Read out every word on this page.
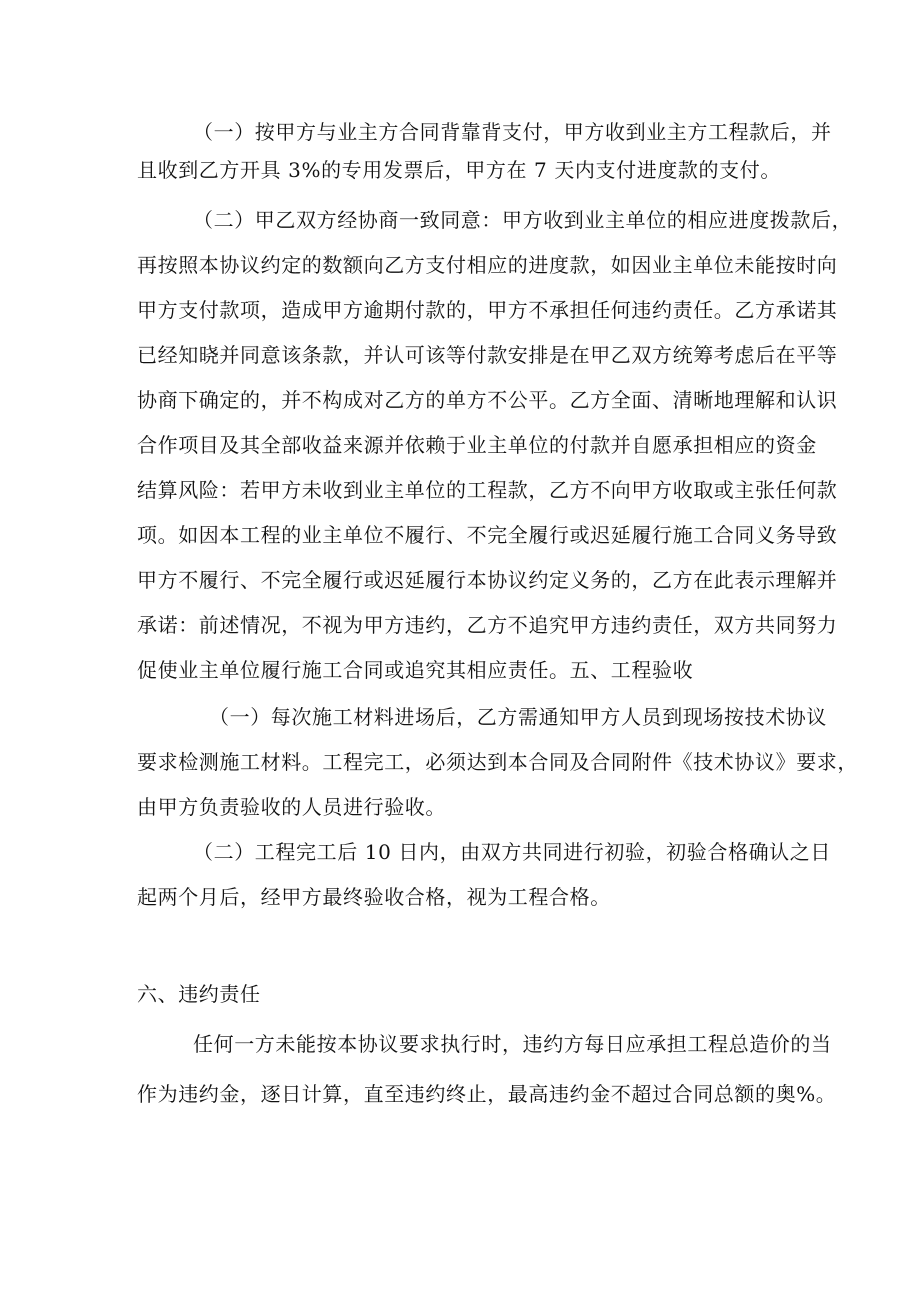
（一）按甲方与业主方合同背靠背支付，甲方收到业主方工程款后，并
且收到乙方开具 3%的专用发票后，甲方在 7 天内支付进度款的支付。
（二）甲乙双方经协商一致同意：甲方收到业主单位的相应进度拨款后，
再按照本协议约定的数额向乙方支付相应的进度款，如因业主单位未能按时向
甲方支付款项，造成甲方逾期付款的，甲方不承担任何违约责任。乙方承诺其
已经知晓并同意该条款，并认可该等付款安排是在甲乙双方统筹考虑后在平等
协商下确定的，并不构成对乙方的单方不公平。乙方全面、清晰地理解和认识
合作项目及其全部收益来源并依赖于业主单位的付款并自愿承担相应的资金
结算风险：若甲方未收到业主单位的工程款，乙方不向甲方收取或主张任何款
项。如因本工程的业主单位不履行、不完全履行或迟延履行施工合同义务导致
甲方不履行、不完全履行或迟延履行本协议约定义务的，乙方在此表示理解并
承诺：前述情况，不视为甲方违约，乙方不追究甲方违约责任，双方共同努力
促使业主单位履行施工合同或追究其相应责任。五、工程验收
（一）每次施工材料进场后，乙方需通知甲方人员到现场按技术协议
要求检测施工材料。工程完工，必须达到本合同及合同附件《技术协议》要求，
由甲方负责验收的人员进行验收。
（二）工程完工后 10 日内，由双方共同进行初验，初验合格确认之日
起两个月后，经甲方最终验收合格，视为工程合格。
六、违约责任
任何一方未能按本协议要求执行时，违约方每日应承担工程总造价的当
作为违约金，逐日计算，直至违约终止，最高违约金不超过合同总额的奥%。
